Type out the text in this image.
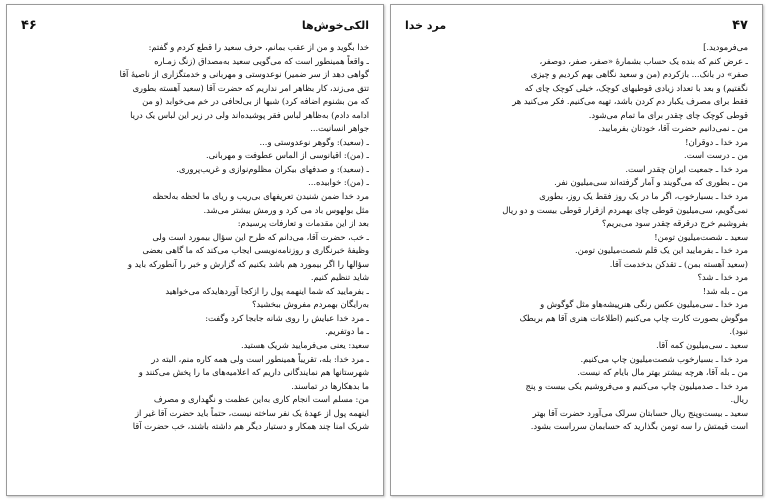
۴۶	الکی‌خوش‌ها
خدا بگوید و من از عقب بمانم، حرف سعید را قطع کردم و گفتم:
ـ واقعاً همینطور است که می‌گویی سعید به‌مصداق (زنگ زمـاره
گواهی دهد از سر ضمیر) نوعدوستی و مهربانی و خدمتگزاری از ناصیهٔ آقا
تتق می‌زند، کار بظاهر امر نداریم که حضرت آقا (سعید آهسته بطوری
که من بشنوم اضافه کرد) شبها از بی‌لحافی در خم می‌خوابد (و من
ادامه دادم) به‌ظاهر لباس فقر پوشیده‌اند ولی در زیر این لباس یک دریا
جواهر انسانیت...
ـ (سعید): وگوهر نوعدوستی و...
ـ (من): اقیانوسی از الماس عطوفت و مهربانی.
ـ (سعید): و صدفهای بیکران مظلوم‌نوازی و غریب‌پروری.
ـ (من): خوابیده...
مرد خدا ضمن شنیدن تعریفهای بی‌ریب و ریای ما لحظه به‌لحظه
مثل بولهوس باد می کرد و ورمش بیشتر می‌شد.
بعد از این مقدمات و تعارفات پرسیدم:
ـ خب، حضرت آقا، می‌دانم که طرح این سؤال بیمورد است ولی
وظیفهٔ خبرنگاری و روزنامه‌نویسی ایجاب می‌کند که ما گاهی بعضی
سؤالها را اگر بیمورد هم باشد بکنیم که گزارش و خبر را آنطورکه باید و
شاید تنظیم کنیم.
ـ بفرمایید که شما اینهمه پول را ازکجا آوردهایدکه می‌خواهید
به‌رایگان بهمردم مفروش ببخشید؟
ـ مرد خدا عبایش را روی شانه جابجا کرد وگفت:
ـ ما دوتفریم.
سعید: یعنی می‌فرمایید شریک هستید.
ـ مرد خدا: بله، تقریباً همینطور است ولی همه کاره منم، البته در
شهرستانها هم نمایندگانی داریم که اعلامیه‌های ما را پخش می‌کنند و
ما بدهکارها در تماسند.
من: مسلم است انجام کاری به‌این عظمت و نگهداری و مصرف
اینهمه پول از عهدهٔ یک نفر ساخته نیست، حتماً باید حضرت آقا غیر از
شریک امنا چند همکار و دستیار دیگر هم داشته باشند، خب حضرت آقا
مرد خدا	۴۷
می‌فرمودید.]
ـ عرض کنم که بنده یک حساب بشمارهٔ «صفر، صفر، دوصفر،
صفر» در بانک... بازکردم (من و سعید نگاهی بهم کردیم و چیزی
نگفتیم) و بعد با تعداد زیادی قوطیهای کوچک، خیلی کوچک چای که
فقط برای مصرف یکبار دم کردن باشد، تهیه می‌کنیم. فکر می‌کنید هر
قوطی کوچک چای چقدر برای ما تمام می‌شود.
من ـ نمی‌دانیم حضرت آقا، خودتان بفرمایید.
مرد خدا ـ دوقران!
من ـ درست است.
مرد خدا ـ جمعیت ایران چقدر است.
من ـ بطوری که می‌گویند و آمار گرفته‌اند سی‌میلیون نفر.
مرد خدا ـ بسیارخوب، اگر ما در یک روز فقط یک روز، بطوری
نمی‌گویم، سی‌میلیون قوطی چای بهمردم ازقرار قوطی بیست و دو ریال
بفروشیم خرج درقرقه چقدر سود می‌بریم؟
سعید ـ شصت‌میلیون تومن!
مرد خدا ـ بفرمایید این یک قلم شصت‌میلیون تومن.
(سعید آهسته بمن) ـ تقدکن بدخدمت آقا.
مرد خدا ـ شد؟
من ـ بله شد!
مرد خدا ـ سی‌میلیون عکس رنگی هنرپیشه‌ها‌و مثل گوگوش و
موگوش بصورت کارت چاپ می‌کنیم (اطلاعات هنری آقا هم بربطک
نبود).
سعید ـ سی‌میلیون کمه آقا.
مرد خدا ـ بسیارخوب شصت‌میلیون چاپ می‌کنیم.
من ـ بله آقا، هرچه بیشتر بهتر مال بایام که نیست.
مرد خدا ـ صدمیلیون چاپ می‌کنیم و می‌فروشیم یکی بیست و پنج
ریال.
سعید ـ بیست‌وپنج ریال حسابتان سرلک می‌آورد حضرت آقا بهتر
است قیمتش را سه تومن بگذارید که حسابمان سرراست بشود.
